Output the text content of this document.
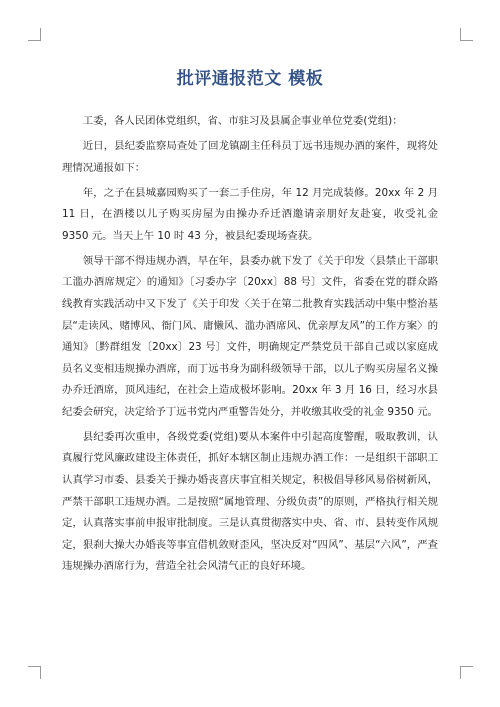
批评通报范文 模板

工委，各人民团体党组织，省、市驻习及县属企事业单位党委(党组)：

近日，县纪委监察局查处了回龙镇副主任科员丁远书违规办酒的案件，现将处理情况通报如下：

年，之子在县城嘉园购买了一套二手住房，年 12 月完成装修。20xx 年 2 月 11 日，在酒楼以儿子购买房屋为由操办乔迁酒邀请亲朋好友赴宴，收受礼金 9350 元。当天上午 10 时 43 分，被县纪委现场查获。

领导干部不得违规办酒，早在年，县委办就下发了《关于印发〈县禁止干部职工滥办酒席规定〉的通知》〔习委办字〔20xx〕88 号〕文件，省委在党的群众路线教育实践活动中又下发了《关于印发〈关于在第二批教育实践活动中集中整治基层“走读风、赌博风、衙门风、庸懒风、滥办酒席风、优亲厚友风”的工作方案〉的通知》〔黔群组发〔20xx〕23 号〕文件，明确规定严禁党员干部自己或以家庭成员名义变相违规操办酒席，而丁远书身为副科级领导干部，以儿子购买房屋名义操办乔迁酒席，顶风违纪，在社会上造成极坏影响。20xx 年 3 月 16 日，经习水县纪委会研究，决定给予丁远书党内严重警告处分，并收缴其收受的礼金 9350 元。

县纪委再次重申，各级党委(党组)要从本案件中引起高度警醒，吸取教训，认真履行党风廉政建设主体责任，抓好本辖区制止违规办酒工作：一是组织干部职工认真学习市委、县委关于操办婚丧喜庆事宜相关规定，积极倡导移风易俗树新风，严禁干部职工违规办酒。二是按照“属地管理、分级负责”的原则，严格执行相关规定，认真落实事前申报审批制度。三是认真贯彻落实中央、省、市、县转变作风规定，狠刹大操大办婚丧等事宜借机敛财歪风，坚决反对“四风”、基层“六风”，严查违规操办酒席行为，营造全社会风清气正的良好环境。
